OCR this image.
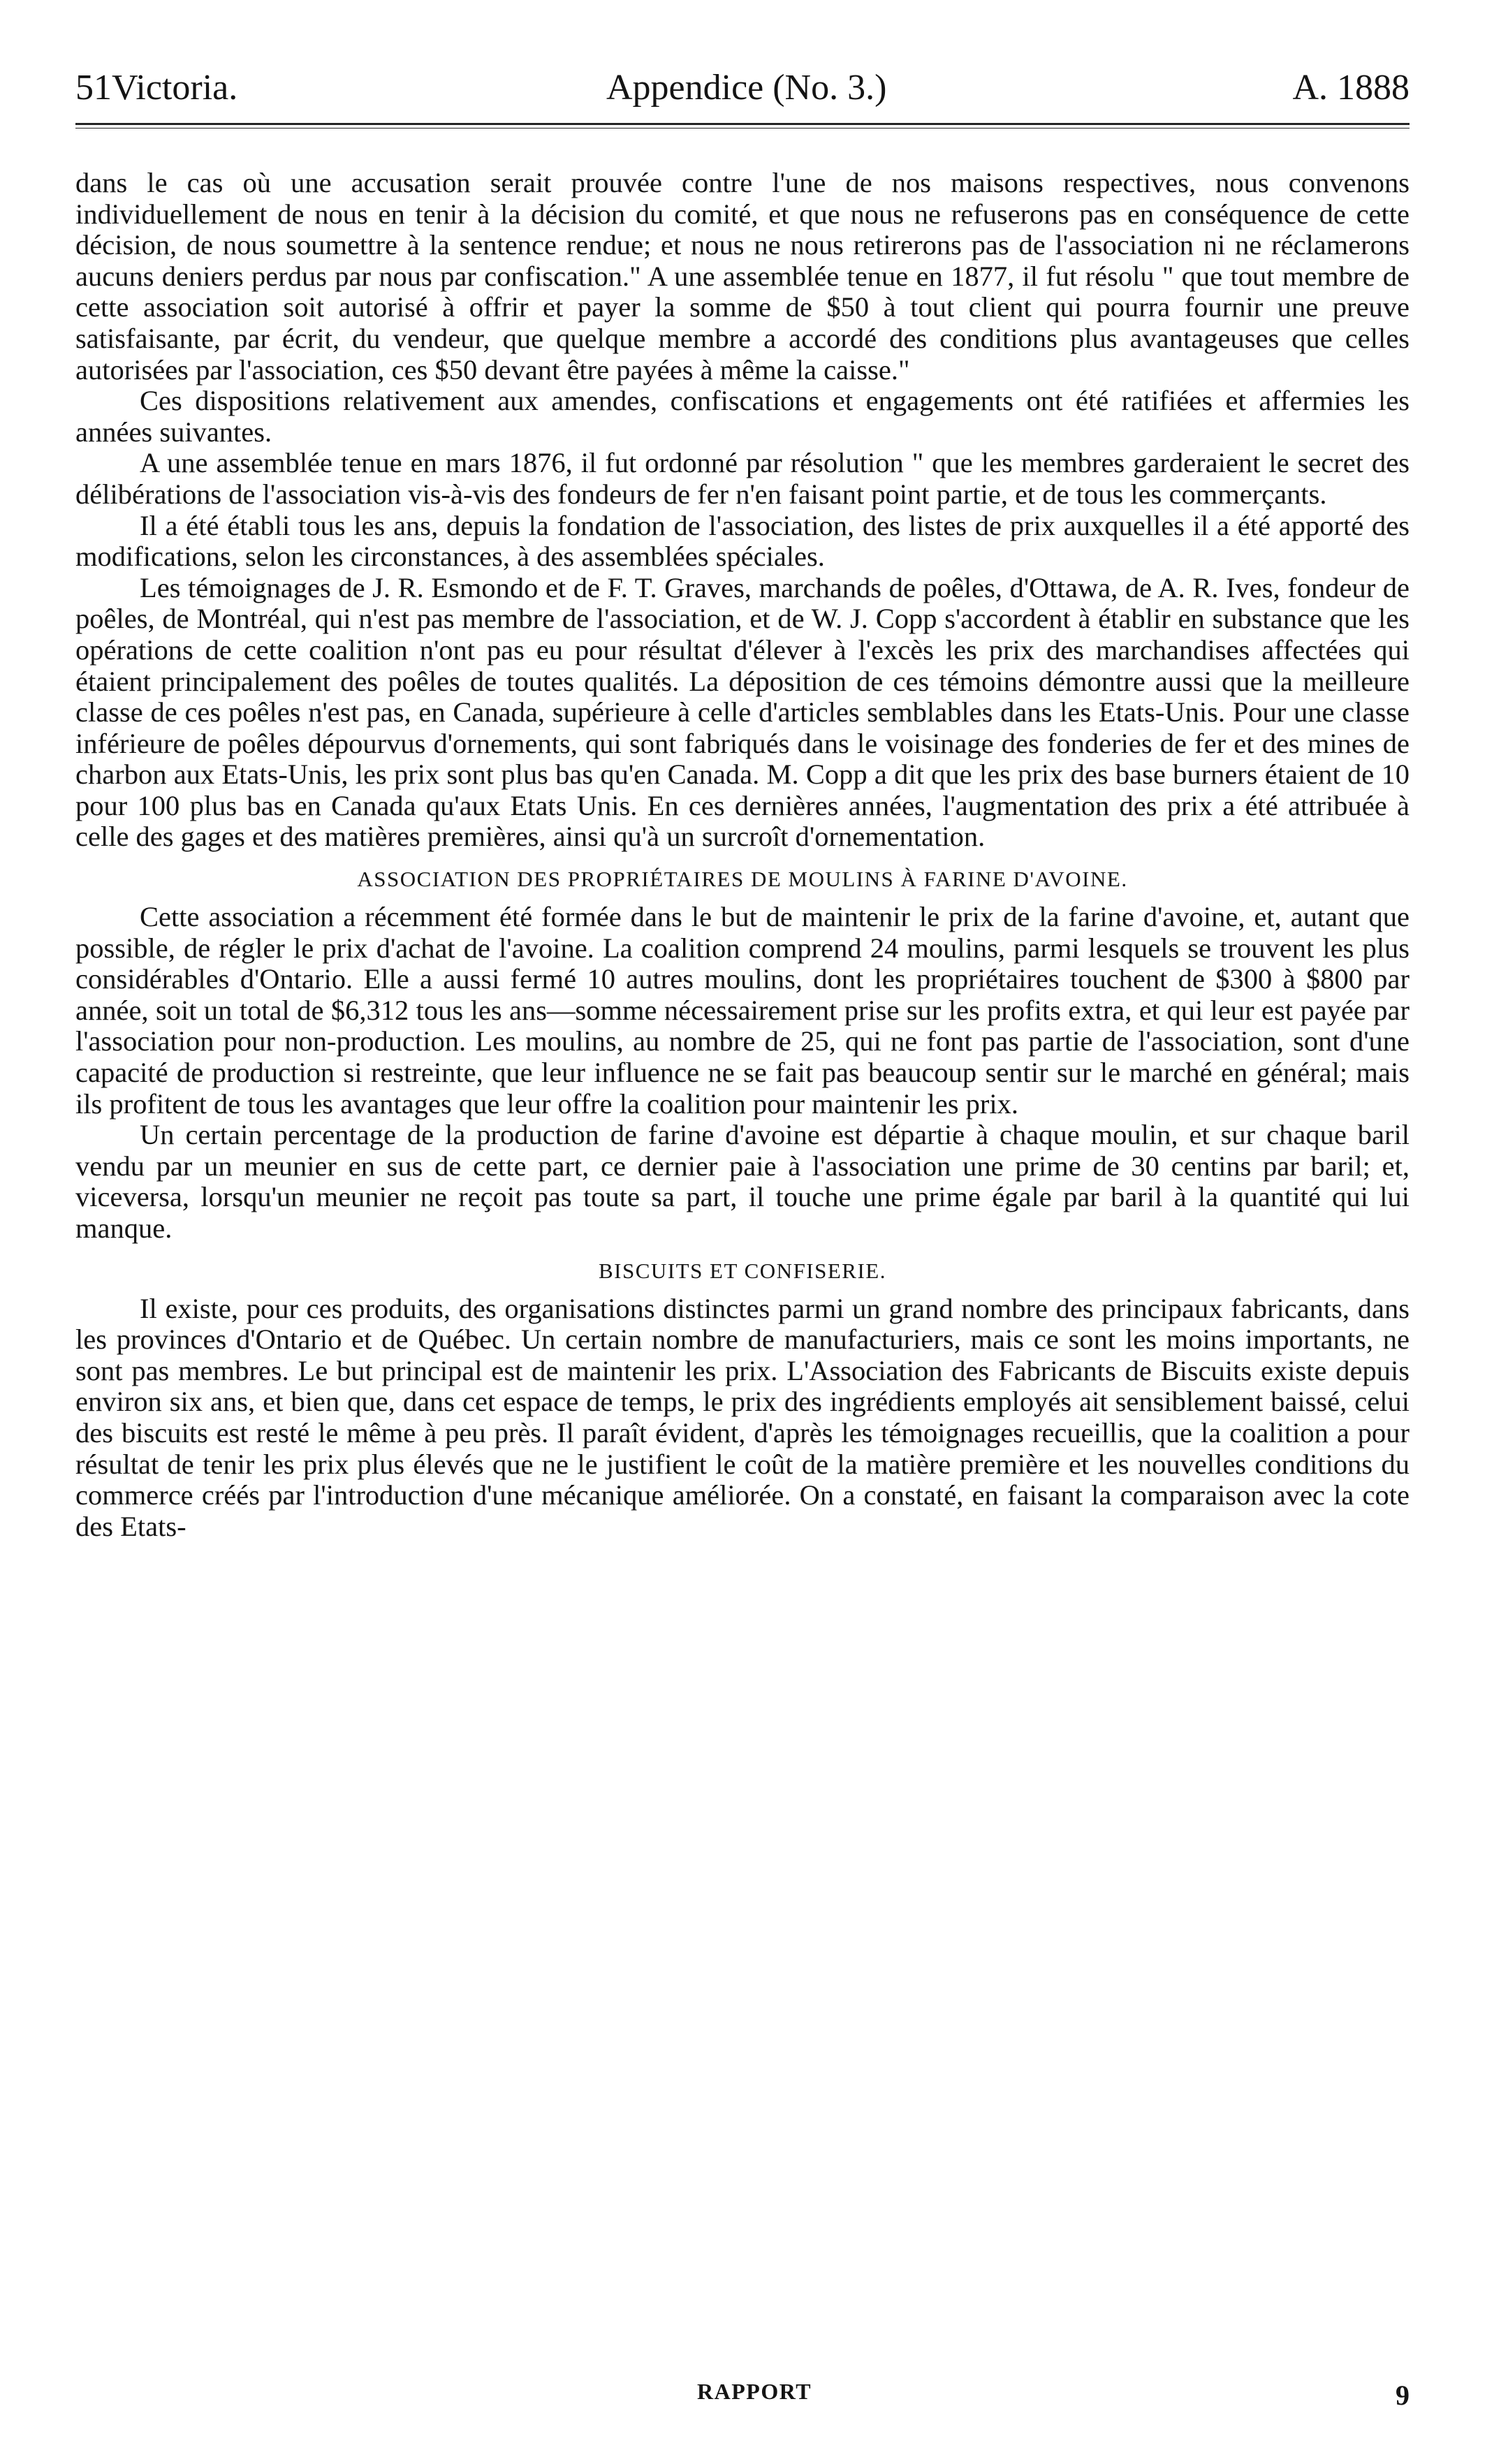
51Victoria.	Appendice (No. 3.)	A. 1888

dans le cas où une accusation serait prouvée contre l'une de nos maisons respectives, nous convenons individuellement de nous en tenir à la décision du comité, et que nous ne refuserons pas en conséquence de cette décision, de nous soumettre à la sentence rendue; et nous ne nous retirerons pas de l'association ni ne réclamerons aucuns deniers perdus par nous par confiscation." A une assemblée tenue en 1877, il fut résolu " que tout membre de cette association soit autorisé à offrir et payer la somme de $50 à tout client qui pourra fournir une preuve satisfaisante, par écrit, du vendeur, que quelque membre a accordé des conditions plus avantageuses que celles autorisées par l'association, ces $50 devant être payées à même la caisse."

Ces dispositions relativement aux amendes, confiscations et engagements ont été ratifiées et affermies les années suivantes.

A une assemblée tenue en mars 1876, il fut ordonné par résolution " que les membres garderaient le secret des délibérations de l'association vis-à-vis des fondeurs de fer n'en faisant point partie, et de tous les commerçants.

Il a été établi tous les ans, depuis la fondation de l'association, des listes de prix auxquelles il a été apporté des modifications, selon les circonstances, à des assemblées spéciales.

Les témoignages de J. R. Esmondo et de F. T. Graves, marchands de poêles, d'Ottawa, de A. R. Ives, fondeur de poêles, de Montréal, qui n'est pas membre de l'association, et de W. J. Copp s'accordent à établir en substance que les opérations de cette coalition n'ont pas eu pour résultat d'élever à l'excès les prix des marchandises affectées qui étaient principalement des poêles de toutes qualités. La déposition de ces témoins démontre aussi que la meilleure classe de ces poêles n'est pas, en Canada, supérieure à celle d'articles semblables dans les Etats-Unis. Pour une classe inférieure de poêles dépourvus d'ornements, qui sont fabriqués dans le voisinage des fonderies de fer et des mines de charbon aux Etats-Unis, les prix sont plus bas qu'en Canada. M. Copp a dit que les prix des base burners étaient de 10 pour 100 plus bas en Canada qu'aux Etats Unis. En ces dernières années, l'augmentation des prix a été attribuée à celle des gages et des matières premières, ainsi qu'à un surcroît d'ornementation.

ASSOCIATION DES PROPRIÉTAIRES DE MOULINS À FARINE D'AVOINE.

Cette association a récemment été formée dans le but de maintenir le prix de la farine d'avoine, et, autant que possible, de régler le prix d'achat de l'avoine. La coalition comprend 24 moulins, parmi lesquels se trouvent les plus considérables d'Ontario. Elle a aussi fermé 10 autres moulins, dont les propriétaires touchent de $300 à $800 par année, soit un total de $6,312 tous les ans—somme nécessairement prise sur les profits extra, et qui leur est payée par l'association pour non-production. Les moulins, au nombre de 25, qui ne font pas partie de l'association, sont d'une capacité de production si restreinte, que leur influence ne se fait pas beaucoup sentir sur le marché en général; mais ils profitent de tous les avantages que leur offre la coalition pour maintenir les prix.

Un certain percentage de la production de farine d'avoine est départie à chaque moulin, et sur chaque baril vendu par un meunier en sus de cette part, ce dernier paie à l'association une prime de 30 centins par baril; et, viceversa, lorsqu'un meunier ne reçoit pas toute sa part, il touche une prime égale par baril à la quantité qui lui manque.

BISCUITS ET CONFISERIE.

Il existe, pour ces produits, des organisations distinctes parmi un grand nombre des principaux fabricants, dans les provinces d'Ontario et de Québec. Un certain nombre de manufacturiers, mais ce sont les moins importants, ne sont pas membres. Le but principal est de maintenir les prix. L'Association des Fabricants de Biscuits existe depuis environ six ans, et bien que, dans cet espace de temps, le prix des ingrédients employés ait sensiblement baissé, celui des biscuits est resté le même à peu près. Il paraît évident, d'après les témoignages recueillis, que la coalition a pour résultat de tenir les prix plus élevés que ne le justifient le coût de la matière première et les nouvelles conditions du commerce créés par l'introduction d'une mécanique améliorée. On a constaté, en faisant la comparaison avec la cote des Etats-

RAPPORT	9
